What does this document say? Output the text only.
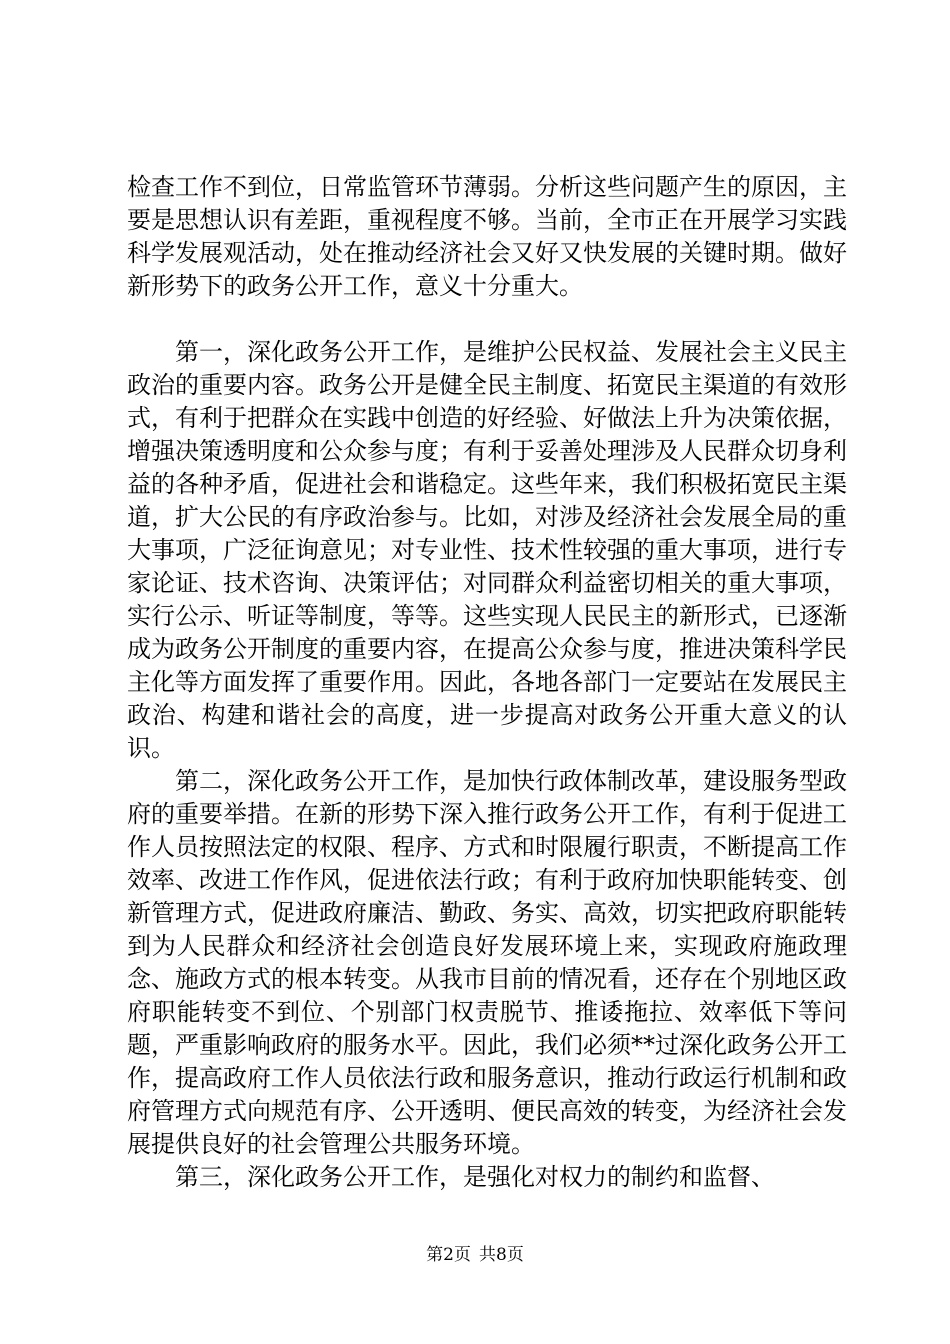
检查工作不到位，日常监管环节薄弱。分析这些问题产生的原因，主要是思想认识有差距，重视程度不够。当前，全市正在开展学习实践科学发展观活动，处在推动经济社会又好又快发展的关键时期。做好新形势下的政务公开工作，意义十分重大。

第一，深化政务公开工作，是维护公民权益、发展社会主义民主政治的重要内容。政务公开是健全民主制度、拓宽民主渠道的有效形式，有利于把群众在实践中创造的好经验、好做法上升为决策依据，增强决策透明度和公众参与度；有利于妥善处理涉及人民群众切身利益的各种矛盾，促进社会和谐稳定。这些年来，我们积极拓宽民主渠道，扩大公民的有序政治参与。比如，对涉及经济社会发展全局的重大事项，广泛征询意见；对专业性、技术性较强的重大事项，进行专家论证、技术咨询、决策评估；对同群众利益密切相关的重大事项，实行公示、听证等制度，等等。这些实现人民民主的新形式，已逐渐成为政务公开制度的重要内容，在提高公众参与度，推进决策科学民主化等方面发挥了重要作用。因此，各地各部门一定要站在发展民主政治、构建和谐社会的高度，进一步提高对政务公开重大意义的认识。

第二，深化政务公开工作，是加快行政体制改革，建设服务型政府的重要举措。在新的形势下深入推行政务公开工作，有利于促进工作人员按照法定的权限、程序、方式和时限履行职责，不断提高工作效率、改进工作作风，促进依法行政；有利于政府加快职能转变、创新管理方式，促进政府廉洁、勤政、务实、高效，切实把政府职能转到为人民群众和经济社会创造良好发展环境上来，实现政府施政理念、施政方式的根本转变。从我市目前的情况看，还存在个别地区政府职能转变不到位、个别部门权责脱节、推诿拖拉、效率低下等问题，严重影响政府的服务水平。因此，我们必须**过深化政务公开工作，提高政府工作人员依法行政和服务意识，推动行政运行机制和政府管理方式向规范有序、公开透明、便民高效的转变，为经济社会发展提供良好的社会管理公共服务环境。

第三，深化政务公开工作，是强化对权力的制约和监督、

第2页 共8页
